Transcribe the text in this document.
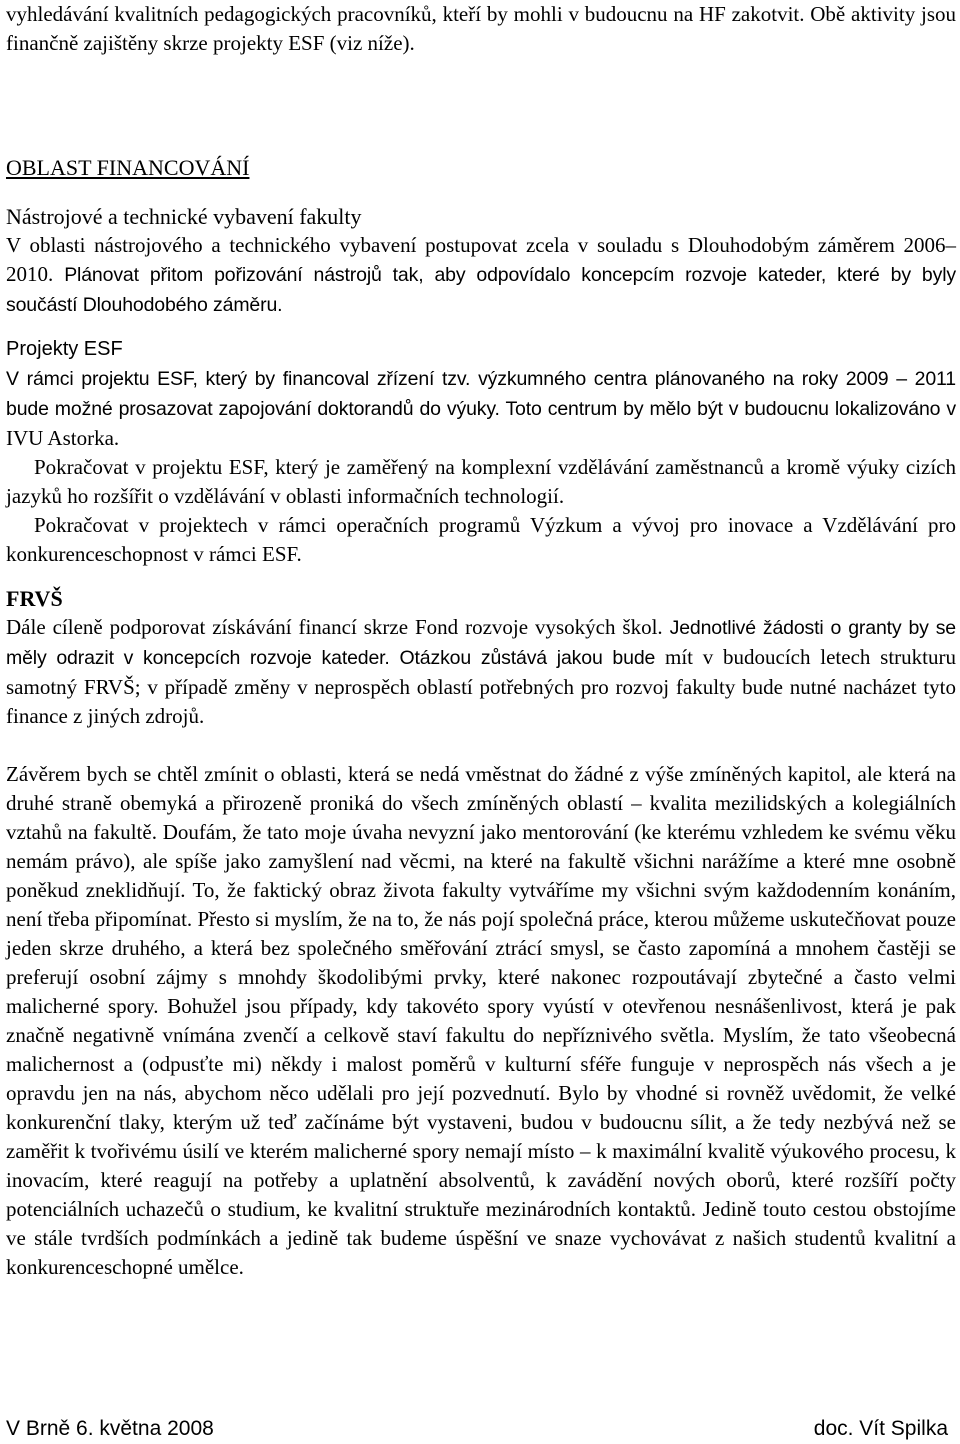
vyhledávání kvalitních pedagogických pracovníků, kteří by mohli v budoucnu na HF zakotvit. Obě aktivity jsou finančně zajištěny skrze projekty ESF (viz níže).

OBLAST FINANCOVÁNÍ

Nástrojové a technické vybavení fakulty

V oblasti nástrojového a technického vybavení postupovat zcela v souladu s Dlouhodobým záměrem 2006–2010. Plánovat přitom pořizování nástrojů tak, aby odpovídalo koncepcím rozvoje kateder, které by byly součástí Dlouhodobého záměru.

Projekty ESF

V rámci projektu ESF, který by financoval zřízení tzv. výzkumného centra plánovaného na roky 2009 – 2011 bude možné prosazovat zapojování doktorandů do výuky. Toto centrum by mělo být v budoucnu lokalizováno v IVU Astorka.

Pokračovat v projektu ESF, který je zaměřený na komplexní vzdělávání zaměstnanců a kromě výuky cizích jazyků ho rozšířit o vzdělávání v oblasti informačních technologií.

Pokračovat v projektech v rámci operačních programů Výzkum a vývoj pro inovace a Vzdělávání pro konkurenceschopnost v rámci ESF.

FRVŠ

Dále cíleně podporovat získávání financí skrze Fond rozvoje vysokých škol. Jednotlivé žádosti o granty by se měly odrazit v koncepcích rozvoje kateder. Otázkou zůstává jakou bude mít v budoucích letech strukturu samotný FRVŠ; v případě změny v neprospěch oblastí potřebných pro rozvoj fakulty bude nutné nacházet tyto finance z jiných zdrojů.

Závěrem bych se chtěl zmínit o oblasti, která se nedá vměstnat do žádné z výše zmíněných kapitol, ale která na druhé straně obemyká a přirozeně proniká do všech zmíněných oblastí – kvalita mezilidských a kolegiálních vztahů na fakultě. Doufám, že tato moje úvaha nevyzní jako mentorování (ke kterému vzhledem ke svému věku nemám právo), ale spíše jako zamyšlení nad věcmi, na které na fakultě všichni narážíme a které mne osobně poněkud zneklidňují. To, že faktický obraz života fakulty vytváříme my všichni svým každodenním konáním, není třeba připomínat. Přesto si myslím, že na to, že nás pojí společná práce, kterou můžeme uskutečňovat pouze jeden skrze druhého, a která bez společného směřování ztrácí smysl, se často zapomíná a mnohem častěji se preferují osobní zájmy s mnohdy škodolibými prvky, které nakonec rozpoutávají zbytečné a často velmi malicherné spory. Bohužel jsou případy, kdy takovéto spory vyústí v otevřenou nesnášenlivost, která je pak značně negativně vnímána zvenčí a celkově staví fakultu do nepříznivého světla. Myslím, že tato všeobecná malichernost a (odpusťte mi) někdy i malost poměrů v kulturní sféře funguje v neprospěch nás všech a je opravdu jen na nás, abychom něco udělali pro její pozvednutí. Bylo by vhodné si rovněž uvědomit, že velké konkurenční tlaky, kterým už teď začínáme být vystaveni, budou v budoucnu sílit, a že tedy nezbývá než se zaměřit k tvořivému úsilí ve kterém malicherné spory nemají místo – k maximální kvalitě výukového procesu, k inovacím, které reagují na potřeby a uplatnění absolventů, k zavádění nových oborů, které rozšíří počty potenciálních uchazečů o studium, ke kvalitní struktuře mezinárodních kontaktů. Jedině touto cestou obstojíme ve stále tvrdších podmínkách a jedině tak budeme úspěšní ve snaze vychovávat z našich studentů kvalitní a konkurenceschopné umělce.

V Brně 6. května 2008	doc. Vít Spilka
